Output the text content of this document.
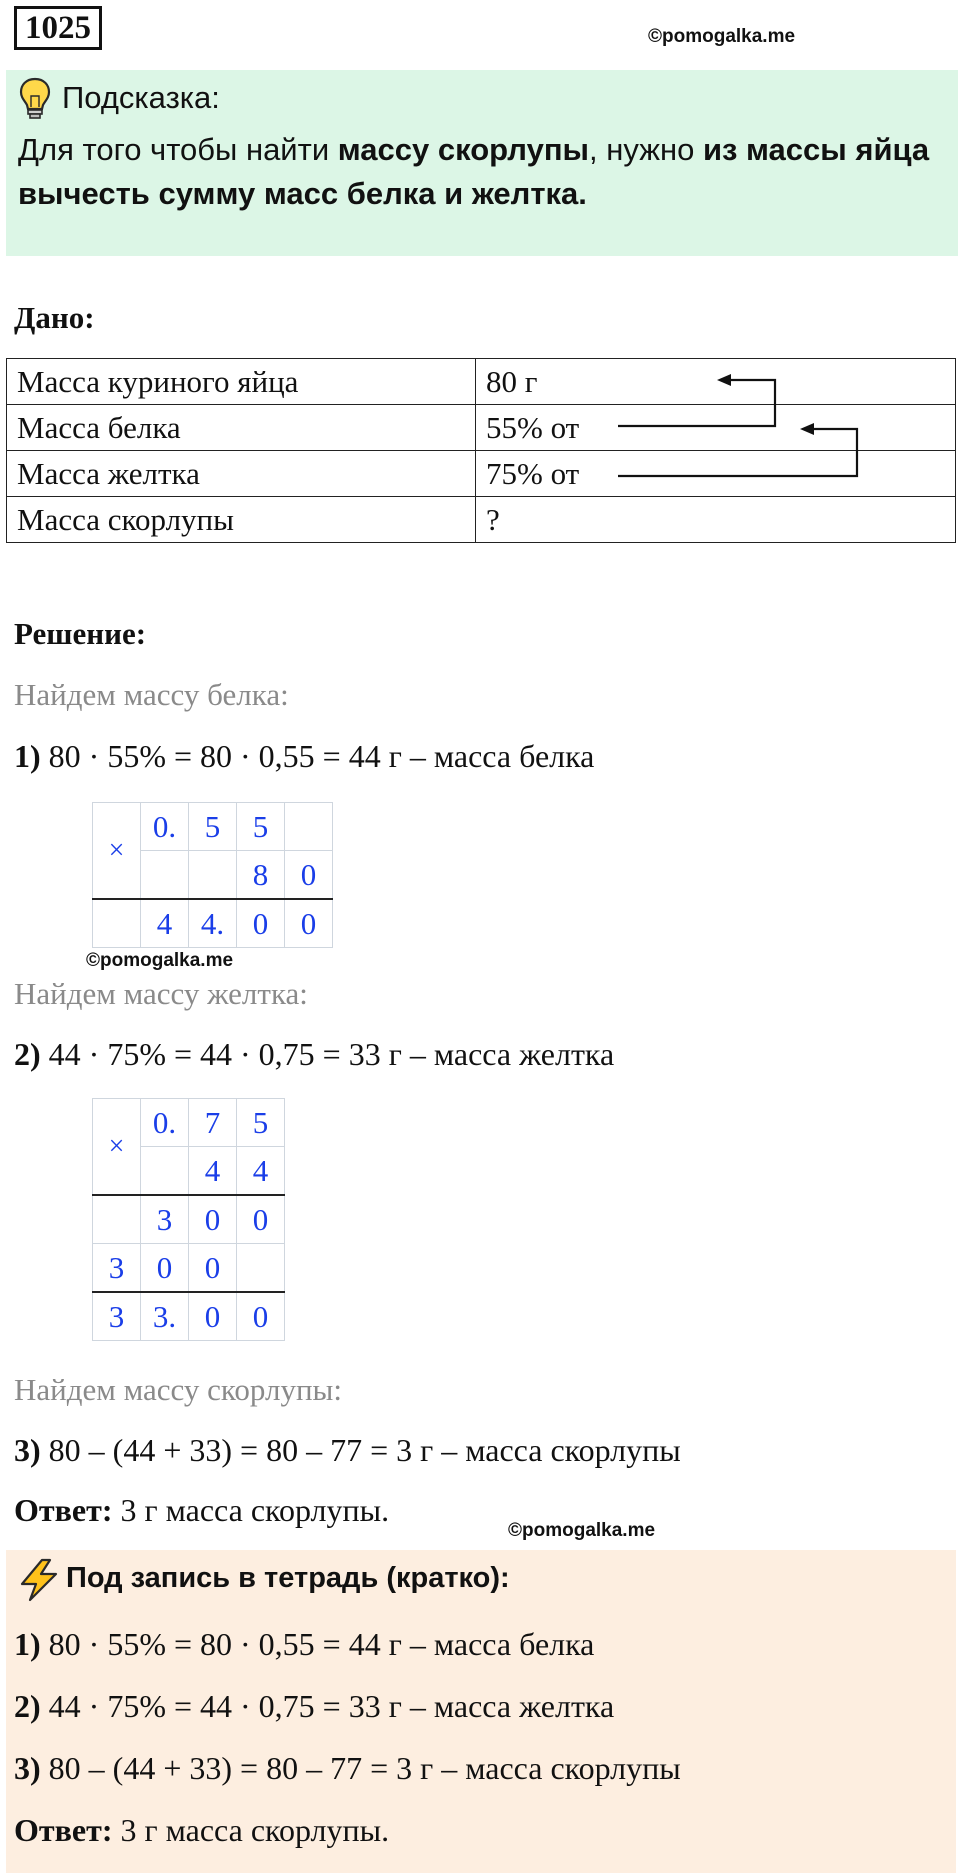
1025	©pomogalka.me
Подсказка:
Для того чтобы найти массу скорлупы, нужно из массы яйца вычесть сумму масс белка и желтка.
Дано:
Масса куриного яйца	80 г
Масса белка	55% от
Масса желтка	75% от
Масса скорлупы	?
Решение:
Найдем массу белка:
1) 80 · 55% = 80 · 0,55 = 44 г – масса белка
×	0.	5	5	
			8	0
	4	4.	0	0
©pomogalka.me
Найдем массу желтка:
2) 44 · 75% = 44 · 0,75 = 33 г – масса желтка
×	0.	7	5
		4	4
	3	0	0
3	0	0	
3	3.	0	0
Найдем массу скорлупы:
3) 80 – (44 + 33) = 80 – 77 = 3 г – масса скорлупы
Ответ: 3 г масса скорлупы.
©pomogalka.me
Под запись в тетрадь (кратко):
1) 80 · 55% = 80 · 0,55 = 44 г – масса белка
2) 44 · 75% = 44 · 0,75 = 33 г – масса желтка
3) 80 – (44 + 33) = 80 – 77 = 3 г – масса скорлупы
Ответ: 3 г масса скорлупы.
